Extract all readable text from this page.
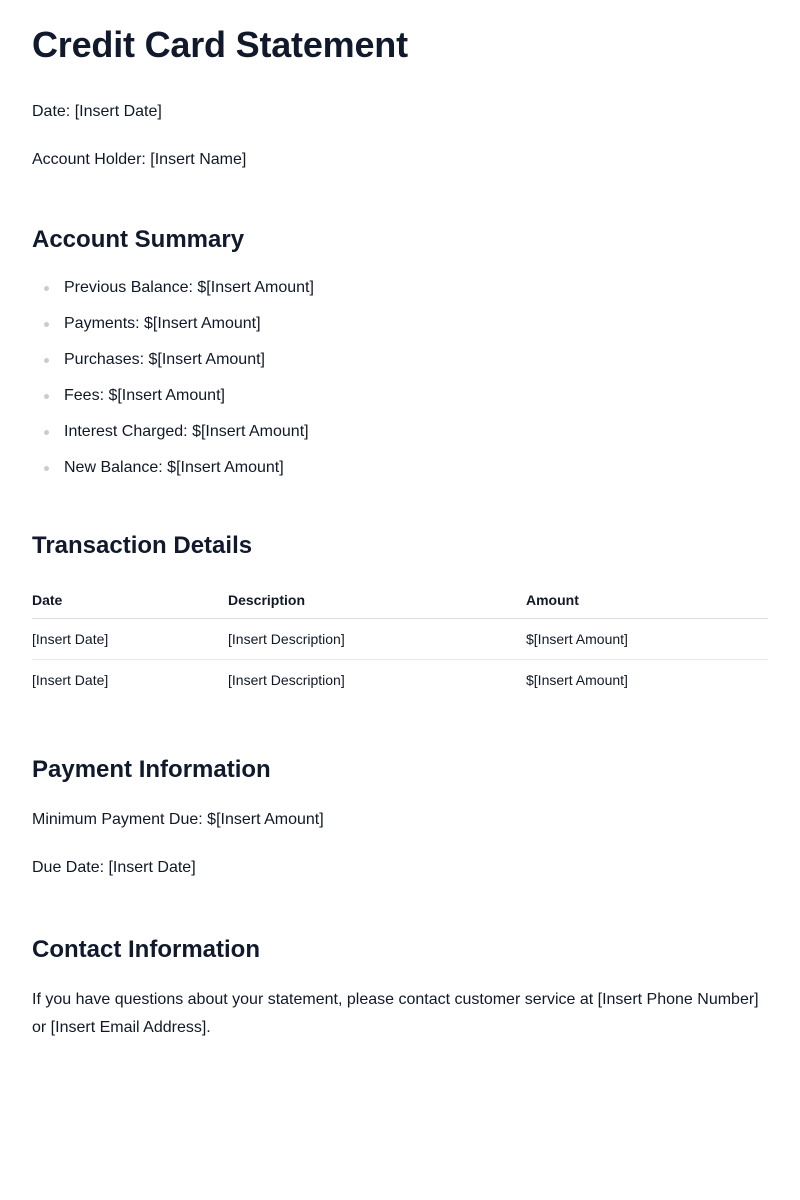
Credit Card Statement

Date: [Insert Date]

Account Holder: [Insert Name]

Account Summary
Previous Balance: $[Insert Amount]
Payments: $[Insert Amount]
Purchases: $[Insert Amount]
Fees: $[Insert Amount]
Interest Charged: $[Insert Amount]
New Balance: $[Insert Amount]
Transaction Details
Date	Description	Amount
[Insert Date]	[Insert Description]	$[Insert Amount]
[Insert Date]	[Insert Description]	$[Insert Amount]
Payment Information

Minimum Payment Due: $[Insert Amount]

Due Date: [Insert Date]

Contact Information

If you have questions about your statement, please contact customer service at [Insert Phone Number] or [Insert Email Address].
